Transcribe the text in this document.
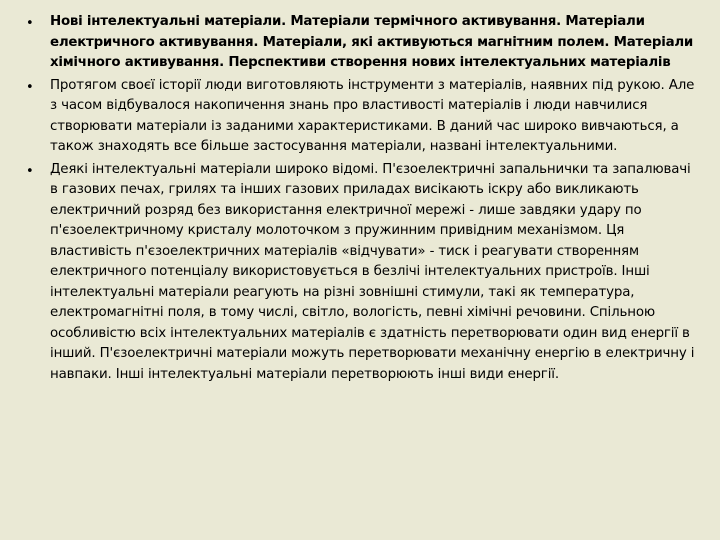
• Нові інтелектуальні матеріали. Матеріали термічного активування. Матеріали електричного активування. Матеріали, які активуються магнітним полем. Матеріали хімічного активування. Перспективи створення нових інтелектуальних матеріалів
• Протягом своєї історії люди виготовляють інструменти з матеріалів, наявних під рукою. Але з часом відбувалося накопичення знань про властивості матеріалів і люди навчилися створювати матеріали із заданими характеристиками. В даний час широко вивчаються, а також знаходять все більше застосування матеріали, названі інтелектуальними.
• Деякі інтелектуальні матеріали широко відомі. П'єзоелектричні запальнички та запалювачі в газових печах, грилях та інших газових приладах висікають іскру або викликають електричний розряд без використання електричної мережі - лише завдяки удару по п'єзоелектричному кристалу молоточком з пружинним привідним механізмом. Ця властивість п'єзоелектричних матеріалів «відчувати» - тиск і реагувати створенням електричного потенціалу використовується в безлічі інтелектуальних пристроїв. Інші інтелектуальні матеріали реагують на різні зовнішні стимули, такі як температура, електромагнітні поля, в тому числі, світло, вологість, певні хімічні речовини. Спільною особливістю всіх інтелектуальних матеріалів є здатність перетворювати один вид енергії в інший. П'єзоелектричні матеріали можуть перетворювати механічну енергію в електричну і навпаки. Інші інтелектуальні матеріали перетворюють інші види енергії.
